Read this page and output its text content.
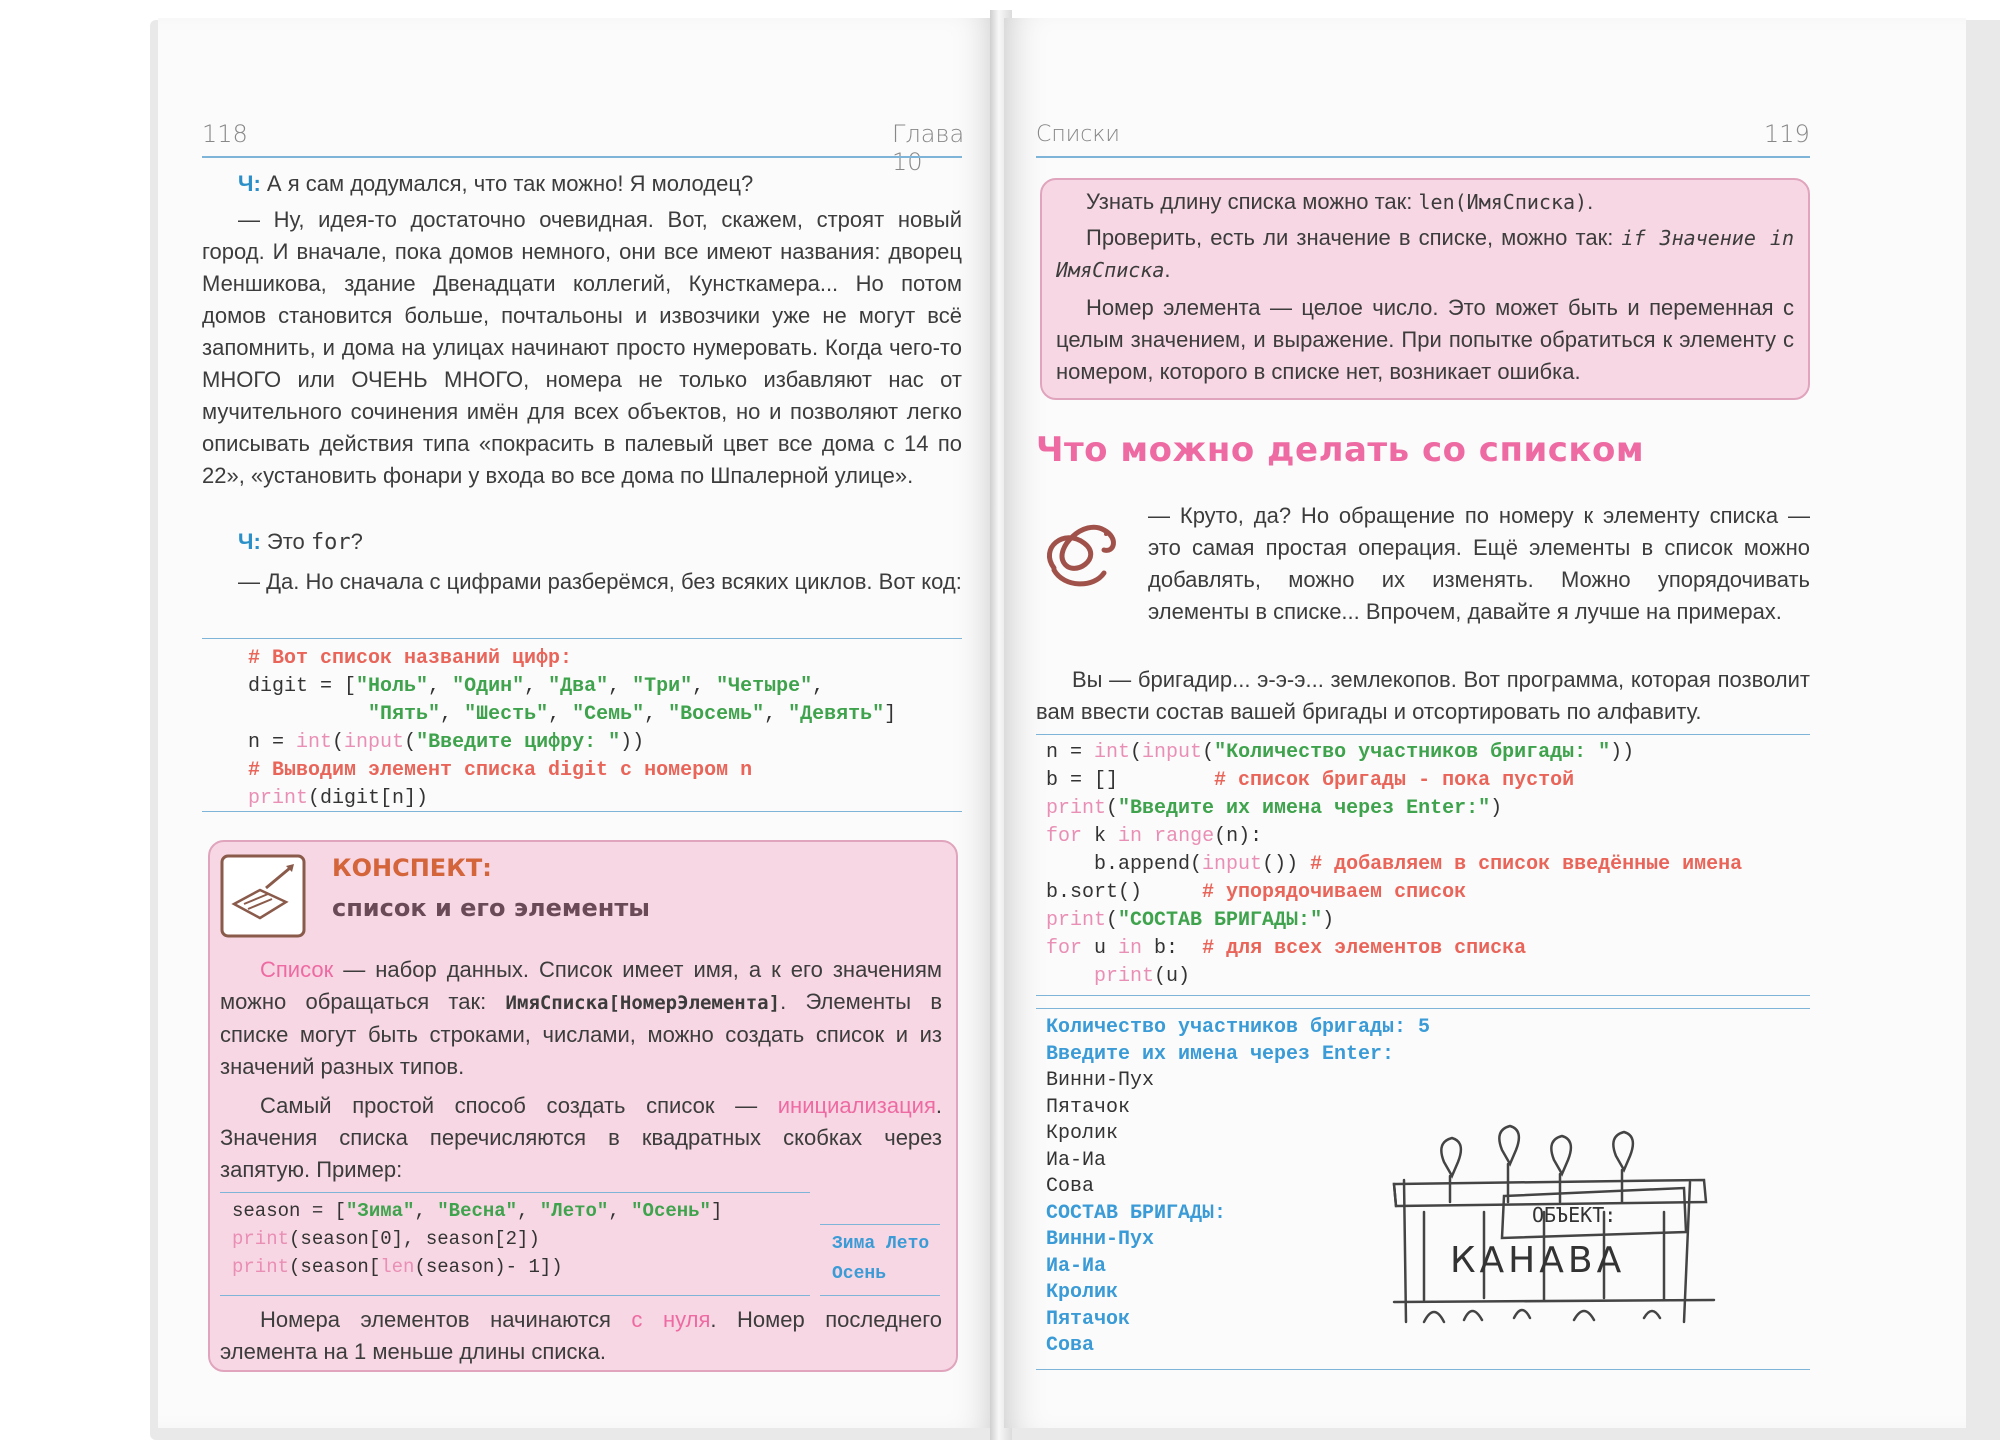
118	Глава 10

Ч: А я сам додумался, что так можно! Я молодец?

— Ну, идея-то достаточно очевидная. Вот, скажем, строят новый город. И вначале, пока домов немного, они все имеют названия: дворец Меншикова, здание Двенадцати коллегий, Кунсткамера... Но потом домов становится больше, почтальоны и извозчики уже не могут всё запомнить, и дома на улицах начинают просто нумеровать. Когда чего-то МНОГО или ОЧЕНЬ МНОГО, номера не только избавляют нас от мучительного сочинения имён для всех объектов, но и позволяют легко описывать действия типа «покрасить в палевый цвет все дома с 14 по 22», «установить фонари у входа во все дома по Шпалерной улице».

Ч: Это for?

— Да. Но сначала с цифрами разберёмся, без всяких циклов. Вот код:

# Вот список названий цифр:
digit = ["Ноль", "Один", "Два", "Три", "Четыре",
"Пять", "Шесть", "Семь", "Восемь", "Девять"]
n = int(input("Введите цифру: "))
# Выводим элемент списка digit с номером n
print(digit[n])
КОНСПЕКТ:
список и его элементы

Список — набор данных. Список имеет имя, а к его значениям можно обращаться так: ИмяСписка[НомерЭлемента]. Элементы в списке могут быть строками, числами, можно создать список и из значений разных типов.

Самый простой способ создать список — инициализация. Значения списка перечисляются в квадратных скобках через запятую. Пример:

season = ["Зима", "Весна", "Лето", "Осень"]
print(season[0], season[2])
print(season[len(season)- 1])
Зима Лето
Осень

Номера элементов начинаются с нуля. Номер последнего элемента на 1 меньше длины списка.

Списки	119

Узнать длину списка можно так: len(ИмяСписка).

Проверить, есть ли значение в списке, можно так: if Значение in ИмяСписка.

Номер элемента — целое число. Это может быть и переменная с целым значением, и выражение. При попытке обратиться к элементу с номером, которого в списке нет, возникает ошибка.

Что можно делать со списком

— Круто, да? Но обращение по номеру к элементу списка — это самая простая операция. Ещё элементы в список можно добавлять, можно их изменять. Можно упорядочивать элементы в списке... Впрочем, давайте я лучше на примерах.

Вы — бригадир... э-э-э... землекопов. Вот программа, которая позволит вам ввести состав вашей бригады и отсортировать по алфавиту.

n = int(input("Количество участников бригады: "))
b = []	# список бригады - пока пустой
print("Введите их имена через Enter:")
for k in range(n):
b.append(input()) # добавляем в список введённые имена
b.sort()	# упорядочиваем список
print("СОСТАВ БРИГАДЫ:")
for u in b: # для всех элементов списка
print(u)
Количество участников бригады: 5
Введите их имена через Enter:
Винни-Пух
Пятачок
Кролик
Иа-Иа
Сова
СОСТАВ БРИГАДЫ:
Винни-Пух
Иа-Иа
Кролик
Пятачок
Сова
ОБЪЕКТ:
КАНАВА
